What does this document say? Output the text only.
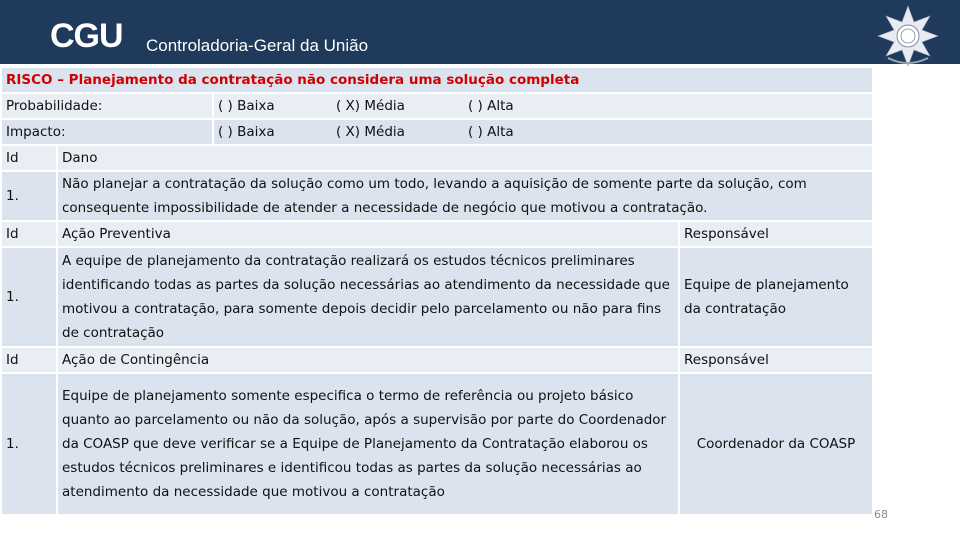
CGU Controladoria-Geral da União
RISCO – Planejamento da contratação não considera uma solução completa			
Probabilidade:		( ) Baixa ( X) Média ( ) Alta	
Impacto:		( ) Baixa ( X) Média ( ) Alta	
Id	Dano		
1.	Não planejar a contratação da solução como um todo, levando a aquisição de somente parte da solução, com consequente impossibilidade de atender a necessidade de negócio que motivou a contratação.		
Id	Ação Preventiva		Responsável
1.	A equipe de planejamento da contratação realizará os estudos técnicos preliminares identificando todas as partes da solução necessárias ao atendimento da necessidade que motivou a contratação, para somente depois decidir pelo parcelamento ou não para fins de contratação		Equipe de planejamento da contratação
Id	Ação de Contingência		Responsável
1.	Equipe de planejamento somente especifica o termo de referência ou projeto básico quanto ao parcelamento ou não da solução, após a supervisão por parte do Coordenador da COASP que deve verificar se a Equipe de Planejamento da Contratação elaborou os estudos técnicos preliminares e identificou todas as partes da solução necessárias ao atendimento da necessidade que motivou a contratação		Coordenador da COASP
68
